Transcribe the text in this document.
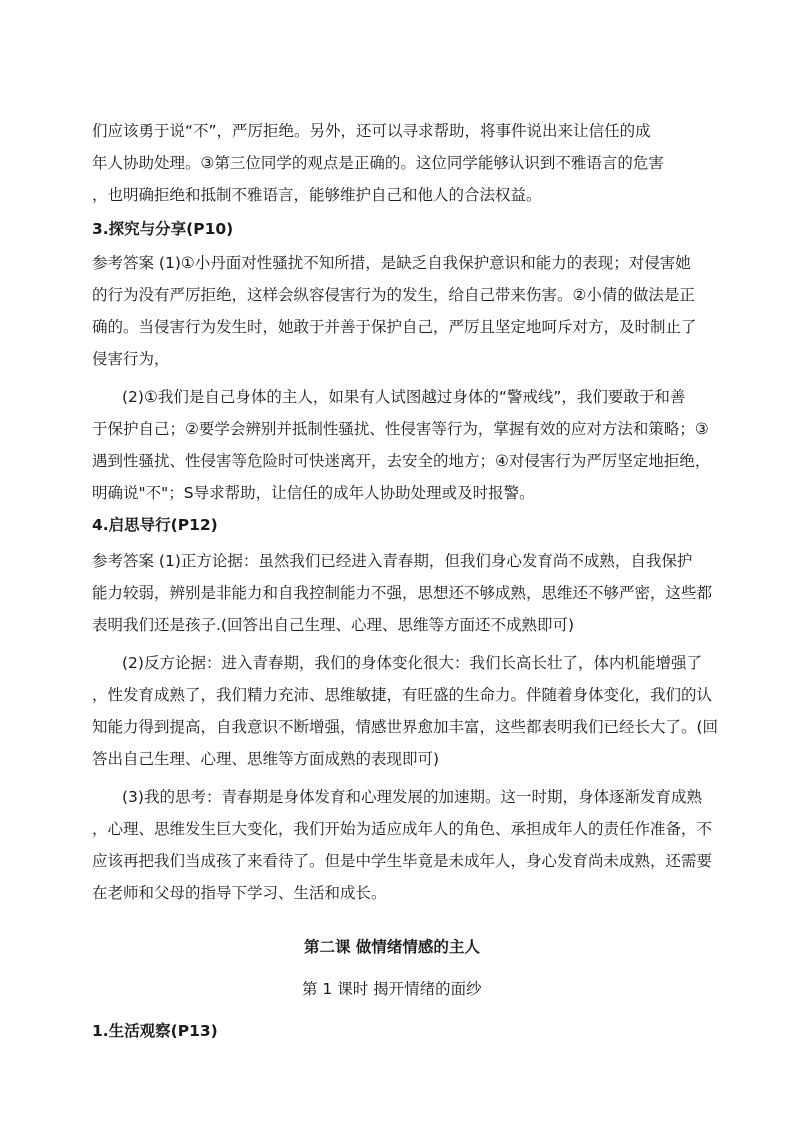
们应该勇于说“不”，严厉拒绝。另外，还可以寻求帮助，将事件说出来让信任的成
年人协助处理。③第三位同学的观点是正确的。这位同学能够认识到不雅语言的危害
，也明确拒绝和抵制不雅语言，能够维护自己和他人的合法权益。
3.探究与分享(P10)
参考答案 (1)①小丹面对性骚扰不知所措，是缺乏自我保护意识和能力的表现；对侵害她
的行为没有严厉拒绝，这样会纵容侵害行为的发生，给自己带来伤害。②小倩的做法是正
确的。当侵害行为发生时，她敢于并善于保护自己，严厉且坚定地呵斥对方，及时制止了
侵害行为，
(2)①我们是自己身体的主人，如果有人试图越过身体的“警戒线”，我们要敢于和善
于保护自己；②要学会辨别并抵制性骚扰、性侵害等行为，掌握有效的应对方法和策略；③
遇到性骚扰、性侵害等危险时可快迷离开，去安全的地方；④对侵害行为严厉坚定地拒绝，
明确说"不"；S导求帮助，让信任的成年人协助处理或及时报警。
4.启思导行(P12)
参考答案 (1)正方论据：虽然我们已经进入青春期，但我们身心发育尚不成熟，自我保护
能力较弱，辨别是非能力和自我控制能力不强，思想还不够成熟，思维还不够严密，这些都
表明我们还是孩子.(回答出自己生理、心理、思维等方面还不成熟即可)
(2)反方论据：进入青春期，我们的身体变化很大：我们长高长壮了，体内机能增强了
，性发育成熟了，我们精力充沛、思维敏捷，有旺盛的生命力。伴随着身体变化，我们的认
知能力得到提高，自我意识不断增强，情感世界愈加丰富，这些都表明我们已经长大了。(回
答出自己生理、心理、思维等方面成熟的表现即可)
(3)我的思考：青春期是身体发育和心理发展的加速期。这一时期，身体逐渐发育成熟
，心理、思维发生巨大变化，我们开始为适应成年人的角色、承担成年人的责任作准备，不
应该再把我们当成孩了来看待了。但是中学生毕竟是未成年人，身心发育尚未成熟，还需要
在老师和父母的指导下学习、生活和成长。
第二课 做情绪情感的主人
第 1 课时 揭开情绪的面纱
1.生活观察(P13)
